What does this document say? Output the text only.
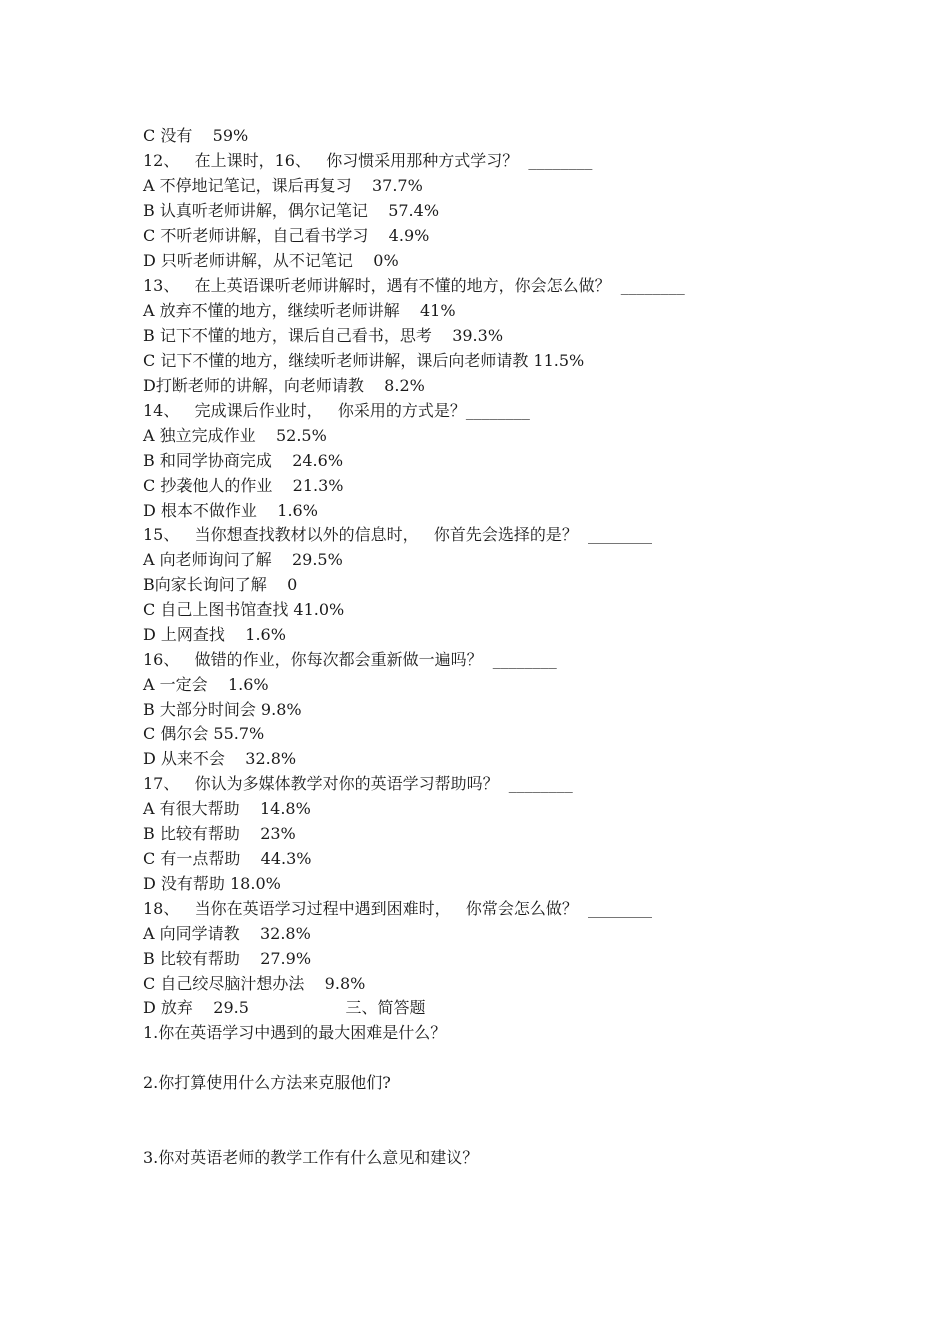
C 没有    59%
12、   在上课时，16、   你习惯采用那种方式学习？  ________
A 不停地记笔记，课后再复习    37.7%
B 认真听老师讲解，偶尔记笔记    57.4%
C 不听老师讲解，自己看书学习    4.9%
D 只听老师讲解，从不记笔记    0%
13、   在上英语课听老师讲解时，遇有不懂的地方，你会怎么做？  ________
A 放弃不懂的地方，继续听老师讲解    41%
B 记下不懂的地方，课后自己看书，思考    39.3%
C 记下不懂的地方，继续听老师讲解，课后向老师请教 11.5%
D打断老师的讲解，向老师请教    8.2%
14、   完成课后作业时，   你采用的方式是？________
A 独立完成作业    52.5%
B 和同学协商完成    24.6%
C 抄袭他人的作业    21.3%
D 根本不做作业    1.6%
15、   当你想查找教材以外的信息时，   你首先会选择的是？  ________
A 向老师询问了解    29.5%
B向家长询问了解    0
C 自己上图书馆查找 41.0%
D 上网查找    1.6%
16、   做错的作业，你每次都会重新做一遍吗？  ________
A 一定会    1.6%
B 大部分时间会 9.8%
C 偶尔会 55.7%
D 从来不会    32.8%
17、   你认为多媒体教学对你的英语学习帮助吗？  ________
A 有很大帮助    14.8%
B 比较有帮助    23%
C 有一点帮助    44.3%
D 没有帮助 18.0%
18、   当你在英语学习过程中遇到困难时，   你常会怎么做？  ________
A 向同学请教    32.8%
B 比较有帮助    27.9%
C 自己绞尽脑汁想办法    9.8%
D 放弃    29.5                   三、简答题
1.你在英语学习中遇到的最大困难是什么？
2.你打算使用什么方法来克服他们?
3.你对英语老师的教学工作有什么意见和建议？
